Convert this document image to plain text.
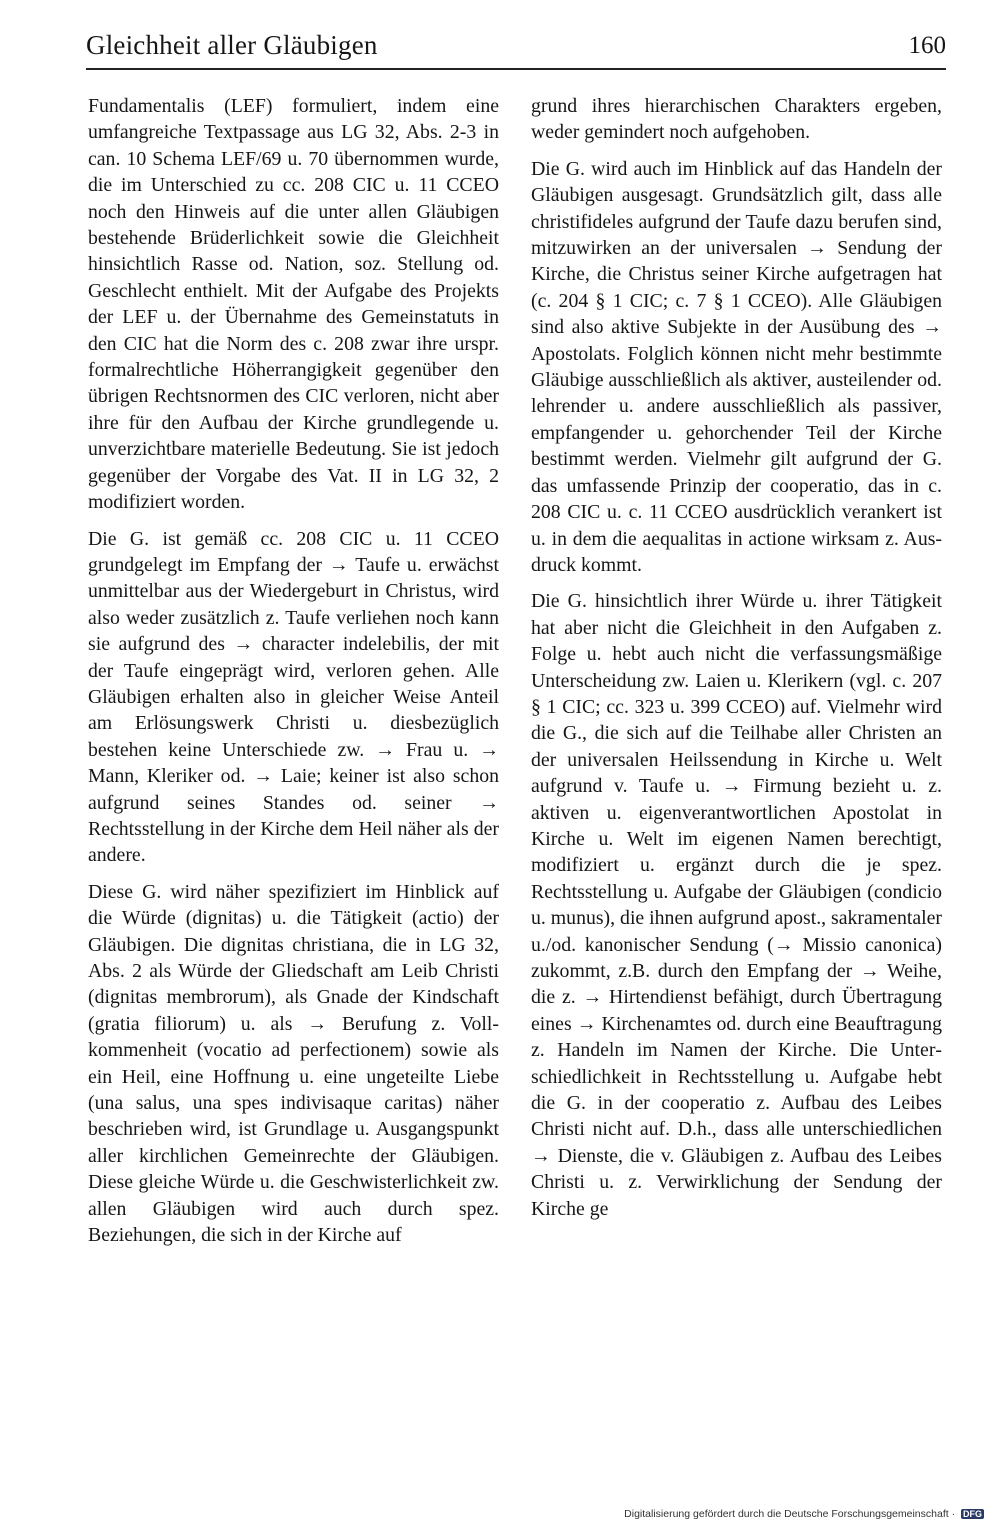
Gleichheit aller Gläubigen	160

Fundamentalis (LEF) formuliert, indem eine umfangreiche Textpassage aus LG 32, Abs. 2-3 in can. 10 Schema LEF/69 u. 70 übernommen wurde, die im Unterschied zu cc. 208 CIC u. 11 CCEO noch den Hinweis auf die unter allen Gläubigen bestehende Brüderlichkeit sowie die Gleichheit hinsichtlich Rasse od. Nation, soz. Stellung od. Geschlecht enthielt. Mit der Aufgabe des Projekts der LEF u. der Übernahme des Gemeinstatuts in den CIC hat die Norm des c. 208 zwar ihre urspr. formalrechtliche Höherrangigkeit gegenüber den übrigen Rechtsnormen des CIC verloren, nicht aber ihre für den Aufbau der Kirche grundlegende u. unverzichtbare materielle Bedeutung. Sie ist jedoch gegenüber der Vorgabe des Vat. II in LG 32, 2 modifiziert worden.

Die G. ist gemäß cc. 208 CIC u. 11 CCEO grundgelegt im Empfang der → Taufe u. erwächst unmittelbar aus der Wiedergeburt in Christus, wird also weder zusätzlich z. Taufe verliehen noch kann sie aufgrund des → character indelebilis, der mit der Taufe eingeprägt wird, verloren gehen. Alle Gläubigen erhalten also in gleicher Weise Anteil am Erlösungswerk Christi u. diesbezüglich bestehen keine Unterschiede zw. → Frau u. → Mann, Kleriker od. → Laie; keiner ist also schon aufgrund seines Standes od. seiner → Rechtsstellung in der Kirche dem Heil näher als der andere.

Diese G. wird näher spezifiziert im Hinblick auf die Würde (dignitas) u. die Tätigkeit (actio) der Gläubigen. Die dignitas christiana, die in LG 32, Abs. 2 als Würde der Gliedschaft am Leib Christi (dignitas membrorum), als Gnade der Kindschaft (gratia filiorum) u. als → Berufung z. Vollkommenheit (vocatio ad perfectionem) sowie als ein Heil, eine Hoffnung u. eine ungeteilte Liebe (una salus, una spes indivisaque caritas) näher beschrieben wird, ist Grundlage u. Ausgangspunkt aller kirchlichen Gemeinrechte der Gläubigen. Diese gleiche Würde u. die Geschwisterlichkeit zw. allen Gläubigen wird auch durch spez. Beziehungen, die sich in der Kirche auf

grund ihres hierarchischen Charakters ergeben, weder gemindert noch aufgehoben.

Die G. wird auch im Hinblick auf das Handeln der Gläubigen ausgesagt. Grundsätzlich gilt, dass alle christifideles aufgrund der Taufe dazu berufen sind, mitzuwirken an der universalen → Sendung der Kirche, die Christus seiner Kirche aufgetragen hat (c. 204 § 1 CIC; c. 7 § 1 CCEO). Alle Gläubigen sind also aktive Subjekte in der Ausübung des → Apostolats. Folglich können nicht mehr bestimmte Gläubige ausschließlich als aktiver, austeilender od. lehrender u. andere ausschließlich als passiver, empfangender u. gehorchender Teil der Kirche bestimmt werden. Vielmehr gilt aufgrund der G. das umfassende Prinzip der cooperatio, das in c. 208 CIC u. c. 11 CCEO ausdrücklich verankert ist u. in dem die aequalitas in actione wirksam z. Ausdruck kommt.

Die G. hinsichtlich ihrer Würde u. ihrer Tätigkeit hat aber nicht die Gleichheit in den Aufgaben z. Folge u. hebt auch nicht die verfassungsmäßige Unterscheidung zw. Laien u. Klerikern (vgl. c. 207 § 1 CIC; cc. 323 u. 399 CCEO) auf. Vielmehr wird die G., die sich auf die Teilhabe aller Christen an der universalen Heilssendung in Kirche u. Welt aufgrund v. Taufe u. → Firmung bezieht u. z. aktiven u. eigenverantwortlichen Apostolat in Kirche u. Welt im eigenen Namen berechtigt, modifiziert u. ergänzt durch die je spez. Rechtsstellung u. Aufgabe der Gläubigen (condicio u. munus), die ihnen aufgrund apost., sakramentaler u./od. kanonischer Sendung (→ Missio canonica) zukommt, z.B. durch den Empfang der → Weihe, die z. → Hirtendienst befähigt, durch Übertragung eines → Kirchenamtes od. durch eine Beauftragung z. Handeln im Namen der Kirche. Die Unterschiedlichkeit in Rechtsstellung u. Aufgabe hebt die G. in der cooperatio z. Aufbau des Leibes Christi nicht auf. D.h., dass alle unterschiedlichen → Dienste, die v. Gläubigen z. Aufbau des Leibes Christi u. z. Verwirklichung der Sendung der Kirche ge

Digitalisierung gefördert durch die Deutsche Forschungsgemeinschaft · DFG
